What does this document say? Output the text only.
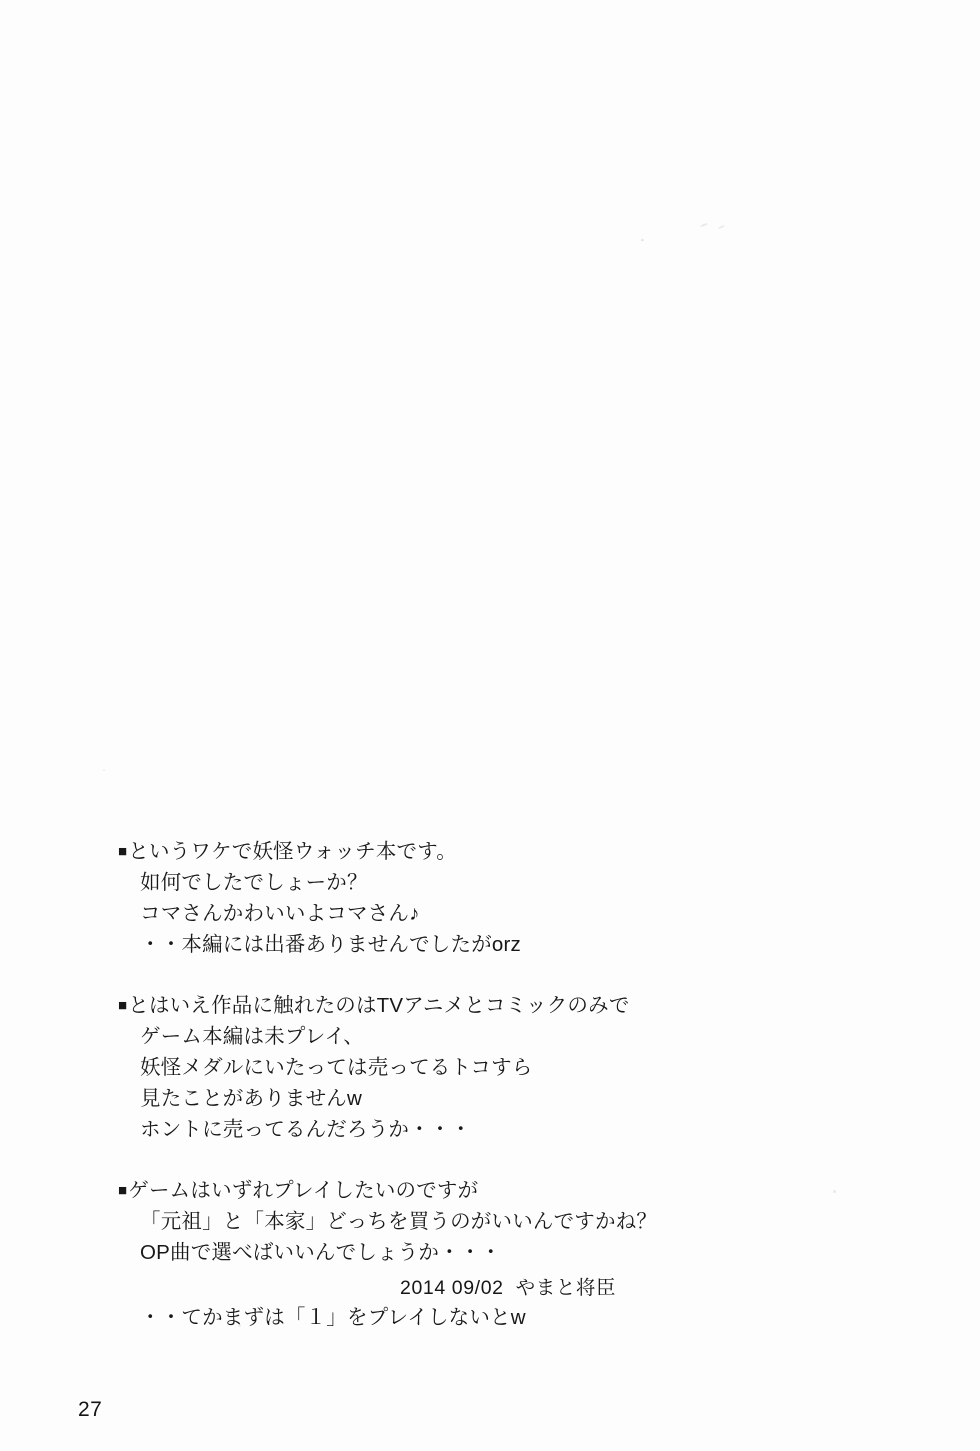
■というワケで妖怪ウォッチ本です。
如何でしたでしょーか？
コマさんかわいいよコマさん♪
・・本編には出番ありませんでしたがorz
■とはいえ作品に触れたのはTVアニメとコミックのみで
ゲーム本編は未プレイ、
妖怪メダルにいたっては売ってるトコすら
見たことがありませんw
ホントに売ってるんだろうか・・・
■ゲームはいずれプレイしたいのですが
「元祖」と「本家」どっちを買うのがいいんですかね？
OP曲で選べばいいんでしょうか・・・
・・てかまずは「１」をプレイしないとw
2014 09/02  やまと将臣
27
